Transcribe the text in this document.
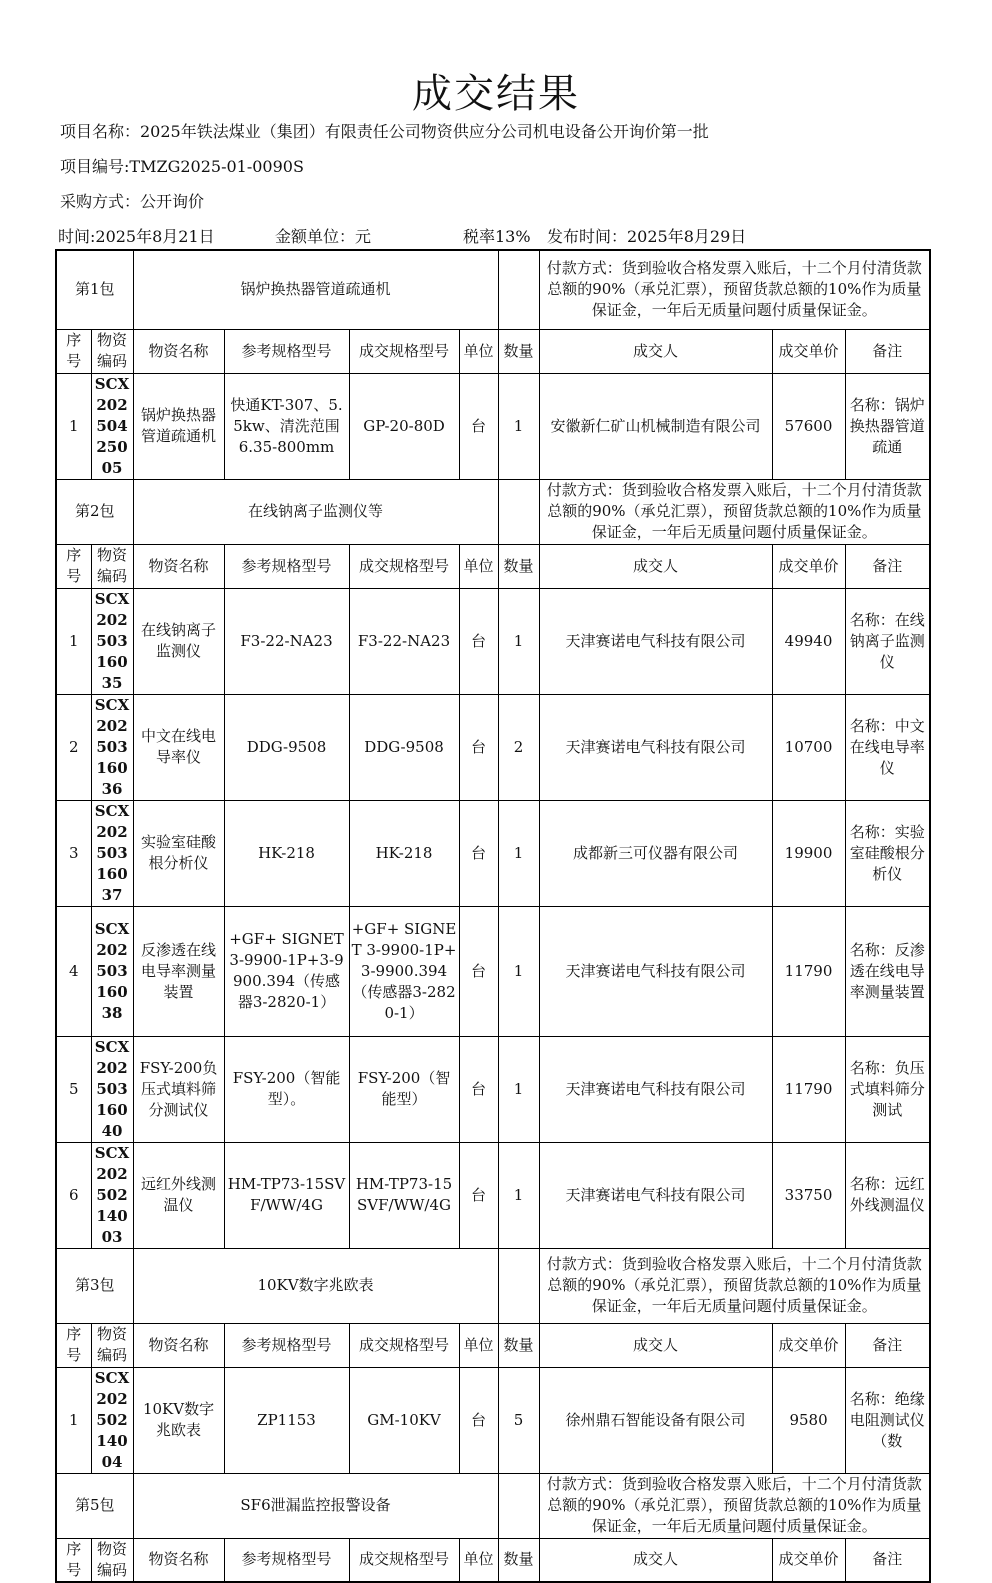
成交结果
项目名称：2025年铁法煤业（集团）有限责任公司物资供应分公司机电设备公开询价第一批
项目编号:TMZG2025-01-0090S
采购方式：公开询价
时间:2025年8月21日	金额单位：元	税率13% 发布时间：2025年8月29日
第1包		锅炉换热器管道疏通机					付款方式：货到验收合格发票入账后，十二个月付清货款总额的90%（承兑汇票），预留货款总额的10%作为质量保证金，一年后无质量问题付质量保证金。		
序号	物资编码	物资名称	参考规格型号	成交规格型号	单位	数量	成交人	成交单价	备注
1	SCX20250425005	锅炉换热器管道疏通机	快通KT-307、5.5kw、清洗范围6.35-800mm	GP-20-80D	台	1	安徽新仁矿山机械制造有限公司	57600	名称：锅炉换热器管道疏通
第2包		在线钠离子监测仪等					付款方式：货到验收合格发票入账后，十二个月付清货款总额的90%（承兑汇票），预留货款总额的10%作为质量保证金，一年后无质量问题付质量保证金。		
序号	物资编码	物资名称	参考规格型号	成交规格型号	单位	数量	成交人	成交单价	备注
1	SCX20250316035	在线钠离子监测仪	F3-22-NA23	F3-22-NA23	台	1	天津赛诺电气科技有限公司	49940	名称：在线钠离子监测仪
2	SCX20250316036	中文在线电导率仪	DDG-9508	DDG-9508	台	2	天津赛诺电气科技有限公司	10700	名称：中文在线电导率仪
3	SCX20250316037	实验室硅酸根分析仪	HK-218	HK-218	台	1	成都新三可仪器有限公司	19900	名称：实验室硅酸根分析仪
4	SCX20250316038	反渗透在线电导率测量装置	+GF+ SIGNET 3-9900-1P+3-9900.394（传感器3-2820-1）	+GF+ SIGNET 3-9900-1P+3-9900.394（传感器3-2820-1）	台	1	天津赛诺电气科技有限公司	11790	名称：反渗透在线电导率测量装置
5	SCX20250316040	FSY-200负压式填料筛分测试仪	FSY-200（智能型）。	FSY-200（智能型）	台	1	天津赛诺电气科技有限公司	11790	名称：负压式填料筛分测试
6	SCX20250214003	远红外线测温仪	HM-TP73-15SVF/WW/4G	HM-TP73-15SVF/WW/4G	台	1	天津赛诺电气科技有限公司	33750	名称：远红外线测温仪
第3包		10KV数字兆欧表					付款方式：货到验收合格发票入账后，十二个月付清货款总额的90%（承兑汇票），预留货款总额的10%作为质量保证金，一年后无质量问题付质量保证金。		
序号	物资编码	物资名称	参考规格型号	成交规格型号	单位	数量	成交人	成交单价	备注
1	SCX20250214004	10KV数字兆欧表	ZP1153	GM-10KV	台	5	徐州鼎石智能设备有限公司	9580	名称：绝缘电阻测试仪（数
第5包		SF6泄漏监控报警设备					付款方式：货到验收合格发票入账后，十二个月付清货款总额的90%（承兑汇票），预留货款总额的10%作为质量保证金，一年后无质量问题付质量保证金。		
序号	物资编码	物资名称	参考规格型号	成交规格型号	单位	数量	成交人	成交单价	备注
